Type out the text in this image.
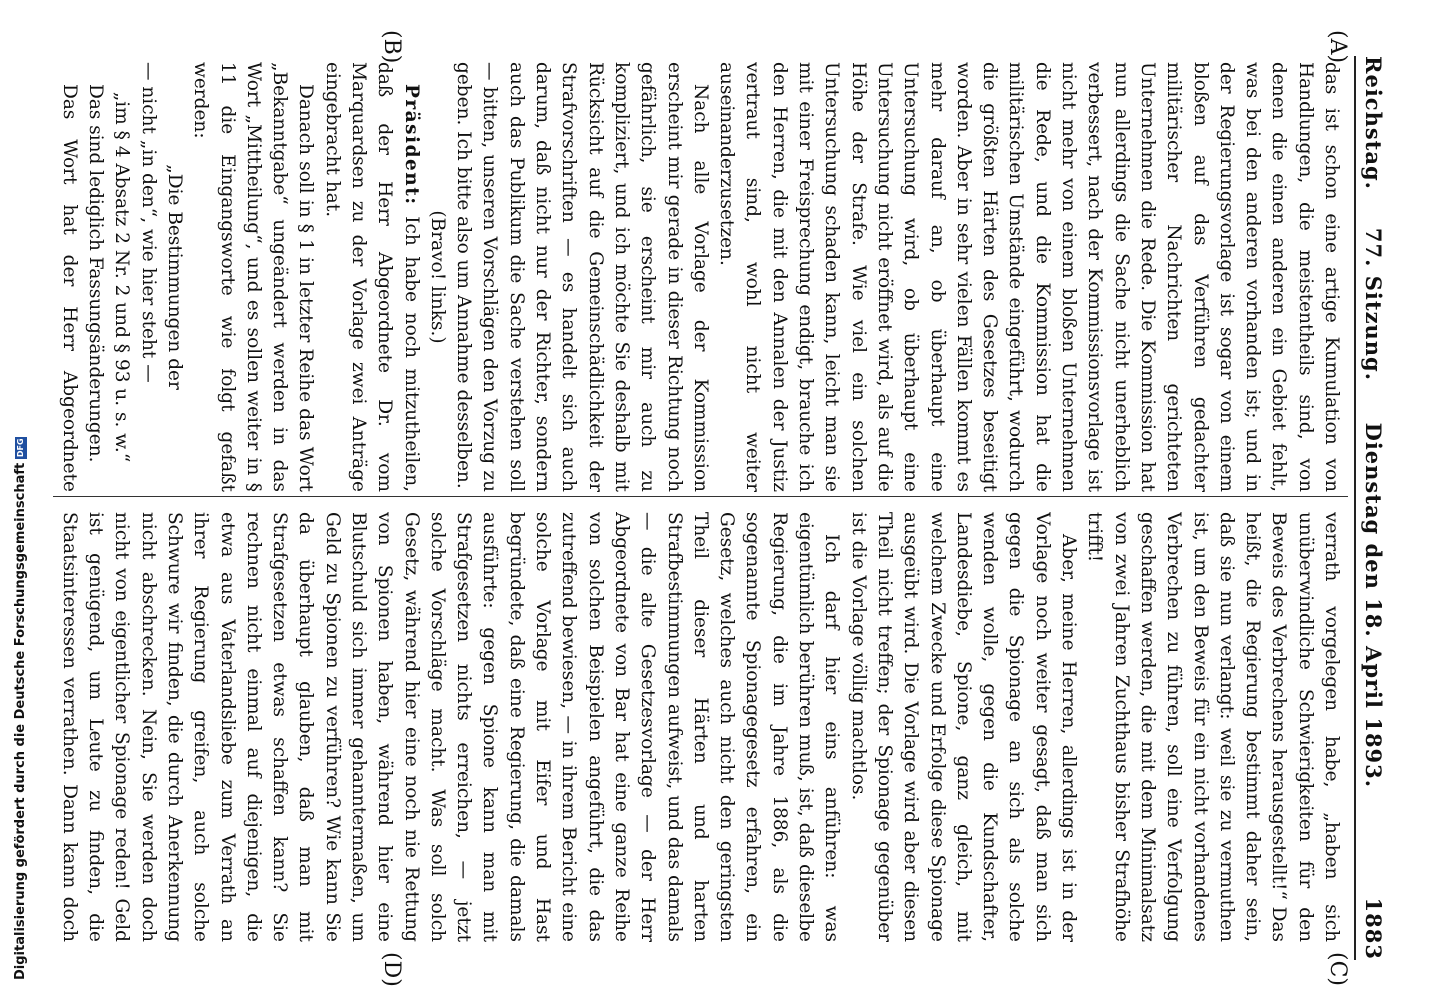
Reichstag.
77. Sitzung.     Dienstag den 18. April 1893.
1883
(A)
(B)
(C)
(D)

das ist schon eine artige Kumulation von Handlungen, die meistentheils sind, von denen die einen anderen ein Gebiet fehlt, was bei den anderen vorhanden ist; und in der Regierungsvorlage ist sogar von einem bloßen auf das Verführen gedachter militärischer Nachrichten gerichteten Unternehmen die Rede. Die Kommission hat nun allerdings die Sache nicht unerheblich verbessert, nach der Kommissionsvorlage ist nicht mehr von einem bloßen Unternehmen die Rede, und die Kommission hat die militärischen Umstände eingeführt, wodurch die größten Härten des Gesetzes beseitigt worden. Aber in sehr vielen Fällen kommt es mehr darauf an, ob überhaupt eine Untersuchung wird, ob überhaupt eine Untersuchung nicht eröffnet wird, als auf die Höhe der Strafe. Wie viel ein solchen Untersuchung schaden kann, leicht man sie mit einer Freisprechung endigt, brauche ich den Herren, die mit den Annalen der Justiz vertraut sind, wohl nicht weiter auseinanderzusetzen.

Nach alle Vorlage der Kommission erscheint mir gerade in dieser Richtung noch gefährlich, sie erscheint mir auch zu kompliziert, und ich möchte Sie deshalb mit Rücksicht auf die Gemeinschädlichkeit der Strafvorschriften — es handelt sich auch darum, daß nicht nur der Richter, sondern auch das Publikum die Sache verstehen soll — bitten, unseren Vorschlägen den Vorzug zu geben. Ich bitte also um Annahme desselben.

(Bravo! links.)

Präsident: Ich habe noch mitzutheilen, daß der Herr Abgeordnete Dr. vom Marquardsen zu der Vorlage zwei Anträge eingebracht hat.

Danach soll in § 1 in letzter Reihe das Wort „Bekanntgabe“ ungeändert werden in das Wort „Mittheilung“, und es sollen weiter in § 11 die Eingangsworte wie folgt gefaßt werden:

„Die Bestimmungen der

— nicht „in den“, wie hier steht —

„im § 4 Absatz 2 Nr. 2 und § 93 u. s. w.“

Das sind lediglich Fassungsänderungen.

Das Wort hat der Herr Abgeordnete

verrath vorgelegen habe, „haben sich unüberwindliche Schwierigkeiten für den Beweis des Verbrechens herausgestellt!“ Das heißt, die Regierung bestimmt daher sein, daß sie nun verlangt: weil sie zu vermuthen ist, um den Beweis für ein nicht vorhandenes Verbrechen zu führen, soll eine Verfolgung geschaffen werden, die mit dem Minimalsatz von zwei Jahren Zuchthaus bisher Strafhöhe trifft!

Aber, meine Herren, allerdings ist in der Vorlage noch weiter gesagt, daß man sich gegen die Spionage an sich als solche wenden wolle, gegen die Kundschafter, Landesdiebe, Spione, ganz gleich, mit welchem Zwecke und Erfolge diese Spionage ausgeübt wird. Die Vorlage wird aber diesen Theil nicht treffen; der Spionage gegenüber ist die Vorlage völlig machtlos.

Ich darf hier eins anführen: was eigentümlich berühren muß, ist, daß dieselbe Regierung, die im Jahre 1886, als die sogenannte Spionagegesetz erfahren, ein Gesetz, welches auch nicht den geringsten Theil dieser Härten und harten Strafbestimmungen aufweist, und das damals — die alte Gesetzesvorlage — der Herr Abgeordnete von Bar hat eine ganze Reihe von solchen Beispielen angeführt, die das zutreffend bewiesen, — in ihrem Bericht eine solche Vorlage mit Eifer und Hast begründete, daß eine Regierung, die damals ausführte: gegen Spione kann man mit Strafgesetzen nichts erreichen, — jetzt solche Vorschläge macht. Was soll solch Gesetz, während hier eine noch nie Rettung von Spionen haben, während hier eine Blutschuld sich immer gehanntermaßen, um Geld zu Spionen zu verführen? Wie kann Sie da überhaupt glauben, daß man mit Strafgesetzen etwas schaffen kann? Sie rechnen nicht einmal auf diejenigen, die etwa aus Vaterlandsliebe zum Verrath an ihrer Regierung greifen, auch solche Schwure wir finden, die durch Anerkennung nicht abschrecken. Nein, Sie werden doch nicht von eigentlicher Spionage reden! Geld ist genügend, um Leute zu finden, die Staatsinteressen verrathen. Dann kann doch

Digitalisierung gefördert durch die Deutsche ForschungsgemeinschaftDFG
